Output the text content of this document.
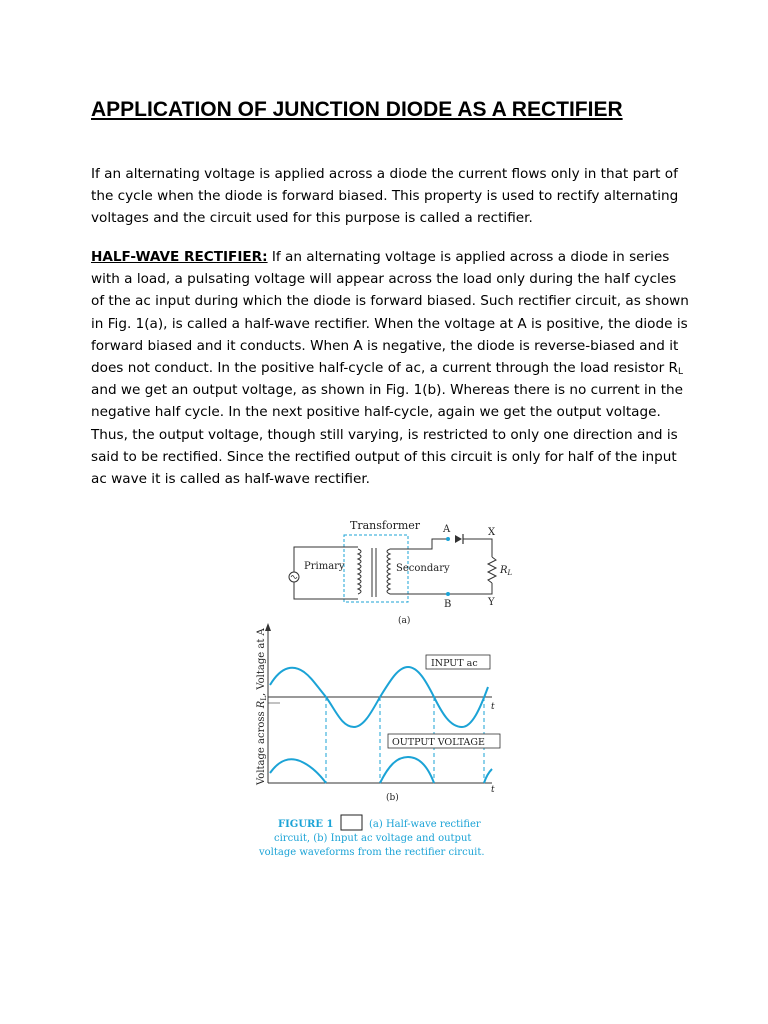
APPLICATION OF JUNCTION DIODE AS A RECTIFIER
If an alternating voltage is applied across a diode the current flows only in that part of the cycle when the diode is forward biased. This property is used to rectify alternating voltages and the circuit used for this purpose is called a rectifier.
HALF-WAVE RECTIFIER: If an alternating voltage is applied across a diode in series with a load, a pulsating voltage will appear across the load only during the half cycles of the ac input during which the diode is forward biased. Such rectifier circuit, as shown in Fig. 1(a), is called a half-wave rectifier. When the voltage at A is positive, the diode is forward biased and it conducts. When A is negative, the diode is reverse-biased and it does not conduct. In the positive half-cycle of ac, a current through the load resistor $R_L$ and we get an output voltage, as shown in Fig. 1(b). Whereas there is no current in the negative half cycle. In the next positive half-cycle, again we get the output voltage. Thus, the output voltage, though still varying, is restricted to only one direction and is said to be rectified. Since the rectified output of this circuit is only for half of the input ac wave it is called as half-wave rectifier.
Transformer
Primary	Secondary
A	X
B	Y
$R_L$
(a)
t
t
INPUT ac
OUTPUT VOLTAGE
Voltage across $R_L$, Voltage at A
(b)
FIGURE 1	(a) Half-wave rectifier
circuit, (b) Input ac voltage and output
voltage waveforms from the rectifier circuit.
